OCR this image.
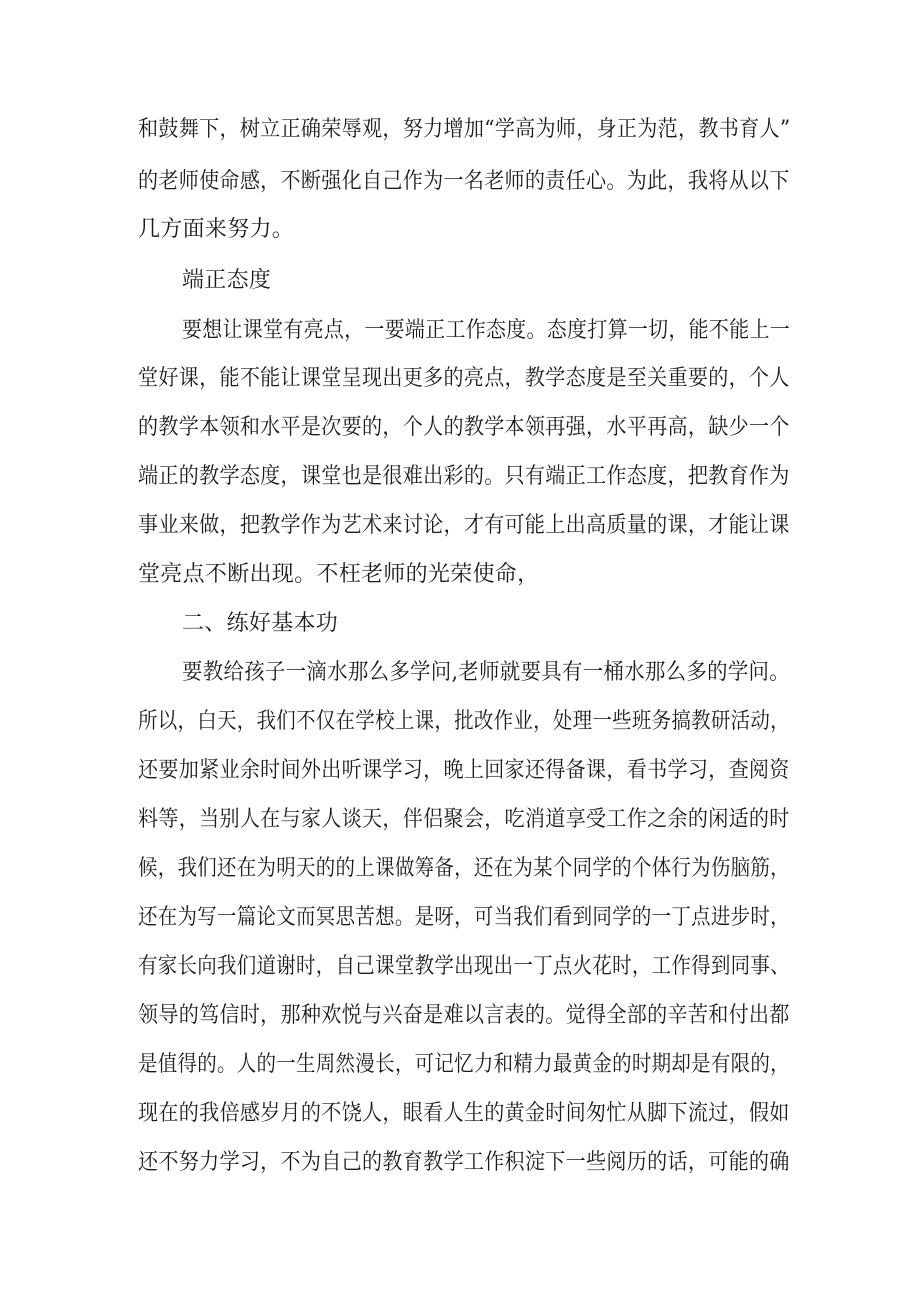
和鼓舞下，树立正确荣辱观，努力增加“学高为师，身正为范，教书育人”
的老师使命感，不断强化自己作为一名老师的责任心。为此，我将从以下
几方面来努力。
端正态度
要想让课堂有亮点，一要端正工作态度。态度打算一切，能不能上一
堂好课，能不能让课堂呈现出更多的亮点，教学态度是至关重要的，个人
的教学本领和水平是次要的，个人的教学本领再强，水平再高，缺少一个
端正的教学态度，课堂也是很难出彩的。只有端正工作态度，把教育作为
事业来做，把教学作为艺术来讨论，才有可能上出高质量的课，才能让课
堂亮点不断出现。不枉老师的光荣使命，
二、练好基本功
要教给孩子一滴水那么多学问,老师就要具有一桶水那么多的学问。
所以，白天，我们不仅在学校上课，批改作业，处理一些班务搞教研活动，
还要加紧业余时间外出听课学习，晚上回家还得备课，看书学习，查阅资
料等，当别人在与家人谈天，伴侣聚会，吃消道享受工作之余的闲适的时
候，我们还在为明天的的上课做筹备，还在为某个同学的个体行为伤脑筋，
还在为写一篇论文而冥思苦想。是呀，可当我们看到同学的一丁点进步时，
有家长向我们道谢时，自己课堂教学出现出一丁点火花时，工作得到同事、
领导的笃信时，那种欢悦与兴奋是难以言表的。觉得全部的辛苦和付出都
是值得的。人的一生周然漫长，可记忆力和精力最黄金的时期却是有限的，
现在的我倍感岁月的不饶人，眼看人生的黄金时间匆忙从脚下流过，假如
还不努力学习，不为自己的教育教学工作积淀下一些阅历的话，可能的确
